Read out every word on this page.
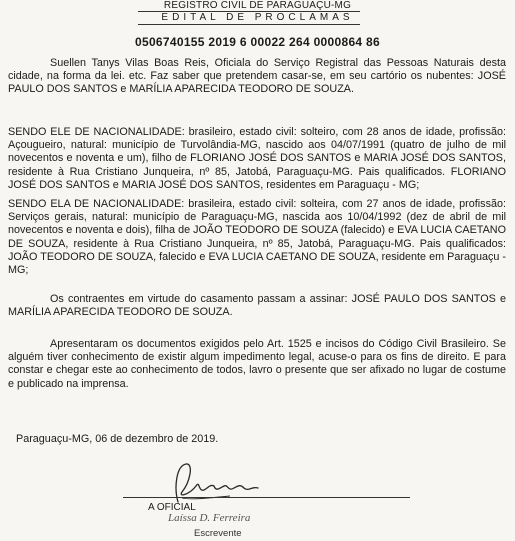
REGISTRO CIVIL DE PARAGUAÇU-MG
EDITAL DE PROCLAMAS
0506740155 2019 6 00022 264 0000864 86

Suellen Tanys Vilas Boas Reis, Oficiala do Serviço Registral das Pessoas Naturais desta cidade, na forma da lei. etc. Faz saber que pretendem casar-se, em seu cartório os nubentes: JOSÉ PAULO DOS SANTOS e MARÍLIA APARECIDA TEODORO DE SOUZA.

SENDO ELE DE NACIONALIDADE: brasileiro, estado civil: solteiro, com 28 anos de idade, profissão: Açougueiro, natural: município de Turvolândia-MG, nascido aos 04/07/1991 (quatro de julho de mil novecentos e noventa e um), filho de FLORIANO JOSÉ DOS SANTOS e MARIA JOSÉ DOS SANTOS, residente à Rua Cristiano Junqueira, nº 85, Jatobá, Paraguaçu-MG. Pais qualificados. FLORIANO JOSÉ DOS SANTOS e MARIA JOSÉ DOS SANTOS, residentes em Paraguaçu - MG;

SENDO ELA DE NACIONALIDADE: brasileira, estado civil: solteira, com 27 anos de idade, profissão: Serviços gerais, natural: município de Paraguaçu-MG, nascida aos 10/04/1992 (dez de abril de mil novecentos e noventa e dois), filha de JOÃO TEODORO DE SOUZA (falecido) e EVA LUCIA CAETANO DE SOUZA, residente à Rua Cristiano Junqueira, nº 85, Jatobá, Paraguaçu-MG. Pais qualificados: JOÃO TEODORO DE SOUZA, falecido e EVA LUCIA CAETANO DE SOUZA, residente em Paraguaçu - MG;

Os contraentes em virtude do casamento passam a assinar: JOSÉ PAULO DOS SANTOS e MARÍLIA APARECIDA TEODORO DE SOUZA.

Apresentaram os documentos exigidos pelo Art. 1525 e incisos do Código Civil Brasileiro. Se alguém tiver conhecimento de existir algum impedimento legal, acuse-o para os fins de direito. E para constar e chegar este ao conhecimento de todos, lavro o presente que ser afixado no lugar de costume e publicado na imprensa.

Paraguaçu-MG, 06 de dezembro de 2019.
A OFICIAL
Laíssa D. Ferreira
Escrevente
